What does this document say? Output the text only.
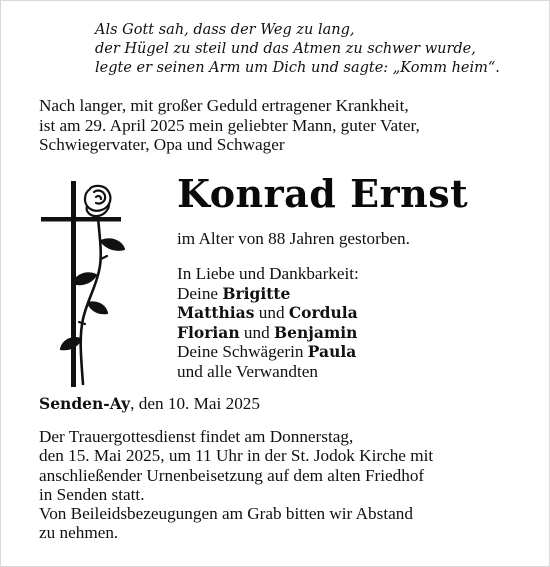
Als Gott sah, dass der Weg zu lang,
der Hügel zu steil und das Atmen zu schwer wurde,
legte er seinen Arm um Dich und sagte: „Komm heim“.
Nach langer, mit großer Geduld ertragener Krankheit,
ist am 29. April 2025 mein geliebter Mann, guter Vater,
Schwiegervater, Opa und Schwager
Konrad Ernst
im Alter von 88 Jahren gestorben.
In Liebe und Dankbarkeit:
Deine Brigitte
Matthias und Cordula
Florian und Benjamin
Deine Schwägerin Paula
und alle Verwandten
Senden-Ay, den 10. Mai 2025
Der Trauergottesdienst findet am Donnerstag,
den 15. Mai 2025, um 11 Uhr in der St. Jodok Kirche mit
anschließender Urnenbeisetzung auf dem alten Friedhof
in Senden statt.
Von Beileidsbezeugungen am Grab bitten wir Abstand
zu nehmen.
